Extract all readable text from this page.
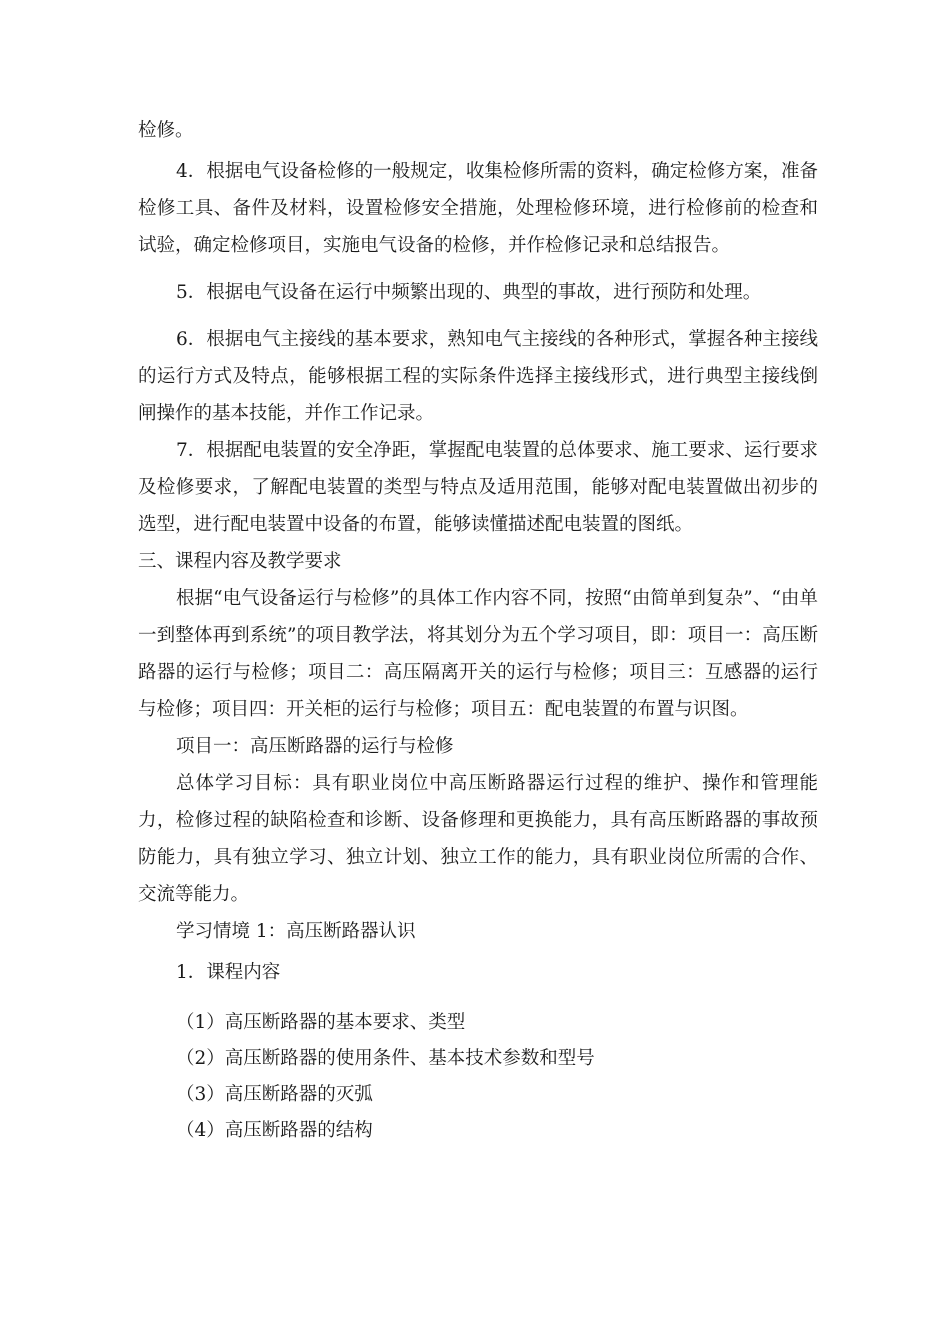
检修。

4．根据电气设备检修的一般规定，收集检修所需的资料，确定检修方案，准备检修工具、备件及材料，设置检修安全措施，处理检修环境，进行检修前的检查和试验，确定检修项目，实施电气设备的检修，并作检修记录和总结报告。

5．根据电气设备在运行中频繁出现的、典型的事故，进行预防和处理。

6．根据电气主接线的基本要求，熟知电气主接线的各种形式，掌握各种主接线的运行方式及特点，能够根据工程的实际条件选择主接线形式，进行典型主接线倒闸操作的基本技能，并作工作记录。

7．根据配电装置的安全净距，掌握配电装置的总体要求、施工要求、运行要求及检修要求，了解配电装置的类型与特点及适用范围，能够对配电装置做出初步的选型，进行配电装置中设备的布置，能够读懂描述配电装置的图纸。

三、课程内容及教学要求

根据“电气设备运行与检修”的具体工作内容不同，按照“由简单到复杂”、“由单一到整体再到系统”的项目教学法，将其划分为五个学习项目，即：项目一：高压断路器的运行与检修；项目二：高压隔离开关的运行与检修；项目三：互感器的运行与检修；项目四：开关柜的运行与检修；项目五：配电装置的布置与识图。

项目一：高压断路器的运行与检修

总体学习目标：具有职业岗位中高压断路器运行过程的维护、操作和管理能力，检修过程的缺陷检查和诊断、设备修理和更换能力，具有高压断路器的事故预防能力，具有独立学习、独立计划、独立工作的能力，具有职业岗位所需的合作、交流等能力。

学习情境 1：高压断路器认识

1．课程内容

（1）高压断路器的基本要求、类型

（2）高压断路器的使用条件、基本技术参数和型号

（3）高压断路器的灭弧

（4）高压断路器的结构
